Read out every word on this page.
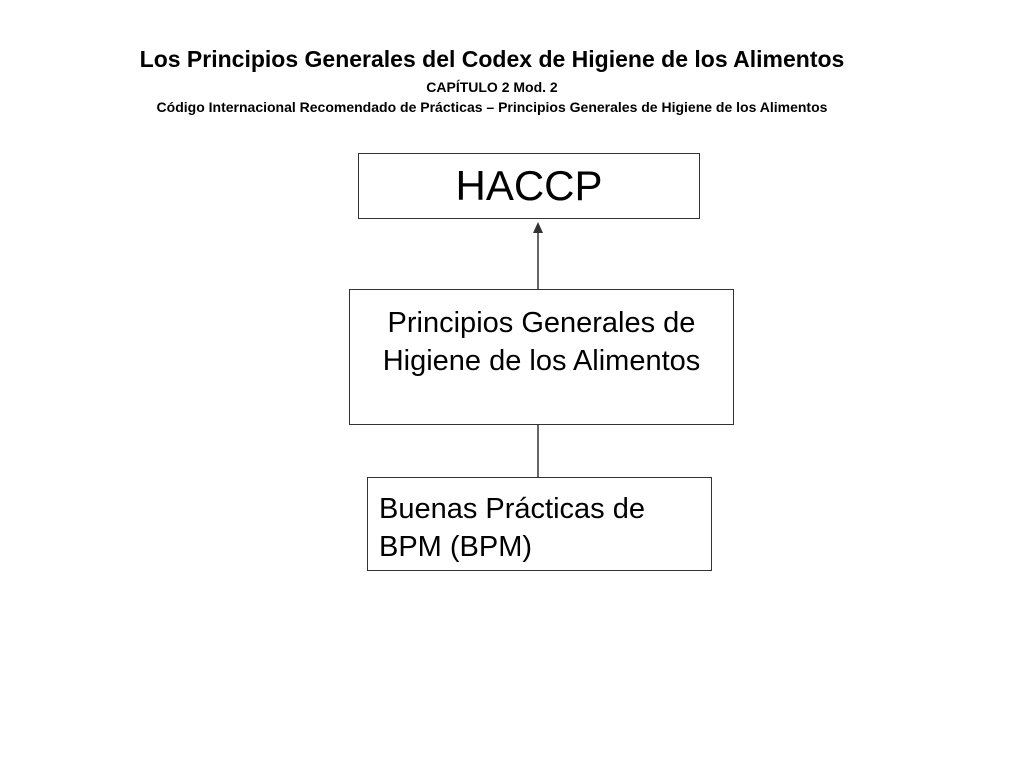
Los Principios Generales del Codex de Higiene de los Alimentos
CAPÍTULO 2 Mod. 2
Código Internacional Recomendado de Prácticas – Principios Generales de Higiene de los Alimentos
HACCP
Principios Generales de
Higiene de los Alimentos
Buenas Prácticas de
BPM (BPM)
